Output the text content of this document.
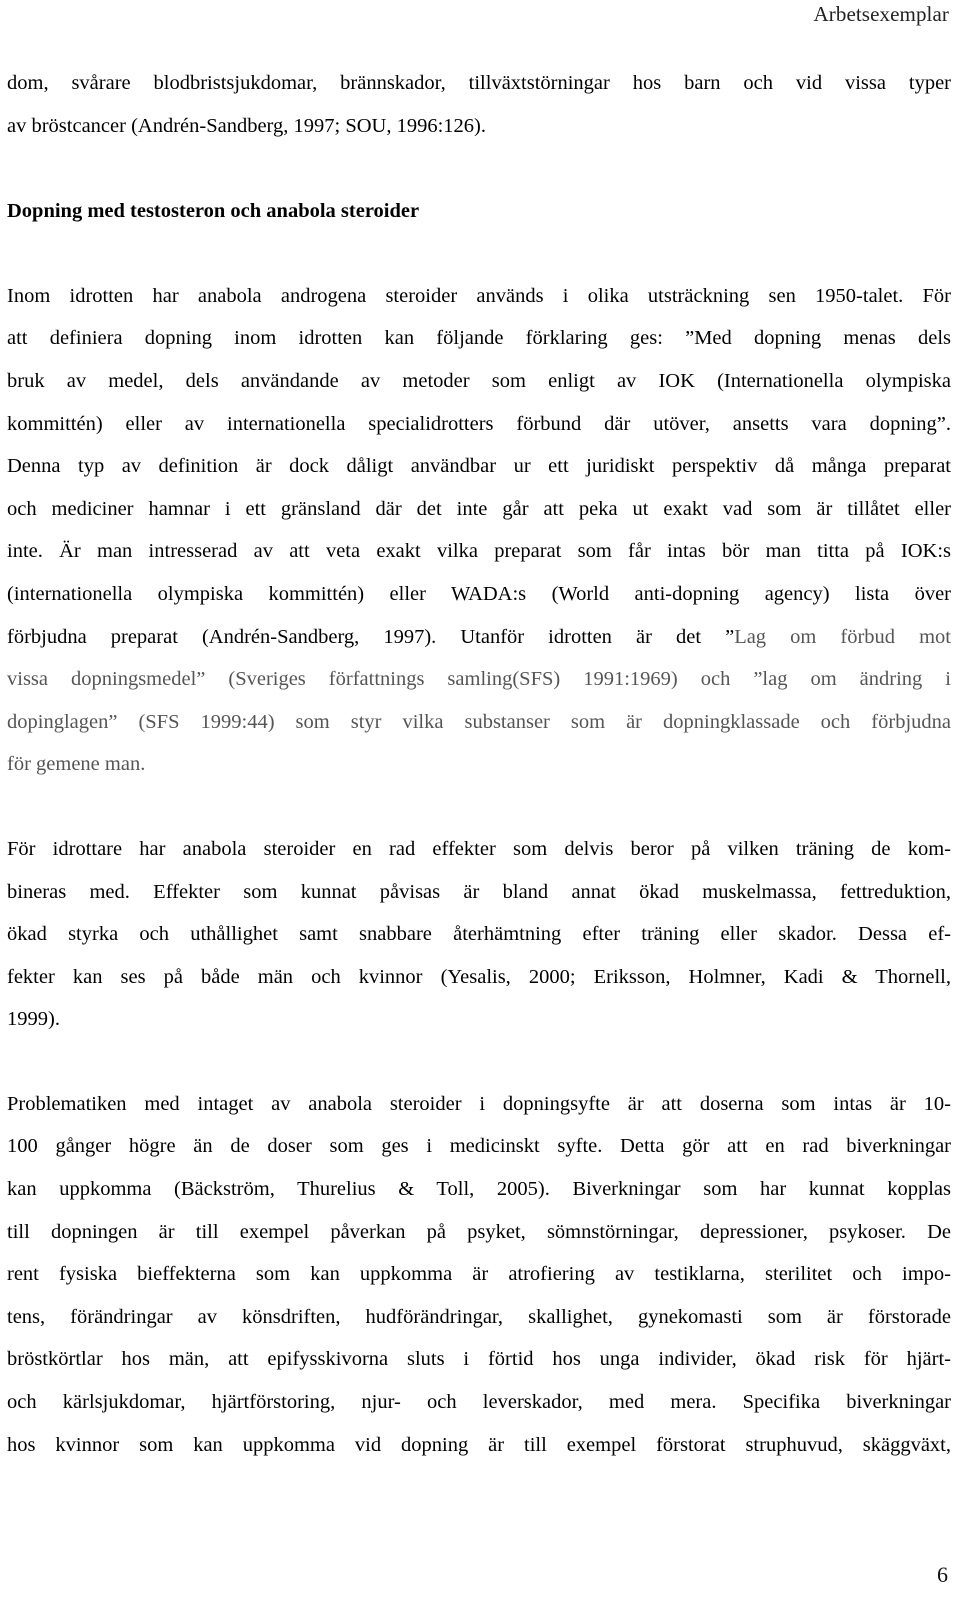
Arbetsexemplar
dom, svårare blodbristsjukdomar, brännskador, tillväxtstörningar hos barn och vid vissa typer
av bröstcancer (Andrén-Sandberg, 1997; SOU, 1996:126).
Dopning med testosteron och anabola steroider
Inom idrotten har anabola androgena steroider används i olika utsträckning sen 1950-talet. För
att definiera dopning inom idrotten kan följande förklaring ges: ”Med dopning menas dels
bruk av medel, dels användande av metoder som enligt av IOK (Internationella olympiska
kommittén) eller av internationella specialidrotters förbund där utöver, ansetts vara dopning”.
Denna typ av definition är dock dåligt användbar ur ett juridiskt perspektiv då många preparat
och mediciner hamnar i ett gränsland där det inte går att peka ut exakt vad som är tillåtet eller
inte. Är man intresserad av att veta exakt vilka preparat som får intas bör man titta på IOK:s
(internationella olympiska kommittén) eller WADA:s (World anti-dopning agency) lista över
förbjudna preparat (Andrén-Sandberg, 1997). Utanför idrotten är det ”Lag om förbud mot
vissa dopningsmedel” (Sveriges författnings samling(SFS) 1991:1969) och ”lag om ändring i
dopinglagen” (SFS 1999:44) som styr vilka substanser som är dopningklassade och förbjudna
för gemene man.
För idrottare har anabola steroider en rad effekter som delvis beror på vilken träning de kom-
bineras med. Effekter som kunnat påvisas är bland annat ökad muskelmassa, fettreduktion,
ökad styrka och uthållighet samt snabbare återhämtning efter träning eller skador. Dessa ef-
fekter kan ses på både män och kvinnor (Yesalis, 2000; Eriksson, Holmner, Kadi & Thornell,
1999).
Problematiken med intaget av anabola steroider i dopningsyfte är att doserna som intas är 10-
100 gånger högre än de doser som ges i medicinskt syfte. Detta gör att en rad biverkningar
kan uppkomma (Bäckström, Thurelius & Toll, 2005). Biverkningar som har kunnat kopplas
till dopningen är till exempel påverkan på psyket, sömnstörningar, depressioner, psykoser. De
rent fysiska bieffekterna som kan uppkomma är atrofiering av testiklarna, sterilitet och impo-
tens, förändringar av könsdriften, hudförändringar, skallighet, gynekomasti som är förstorade
bröstkörtlar hos män, att epifysskivorna sluts i förtid hos unga individer, ökad risk för hjärt-
och kärlsjukdomar, hjärtförstoring, njur- och leverskador, med mera. Specifika biverkningar
hos kvinnor som kan uppkomma vid dopning är till exempel förstorat struphuvud, skäggväxt,
6
